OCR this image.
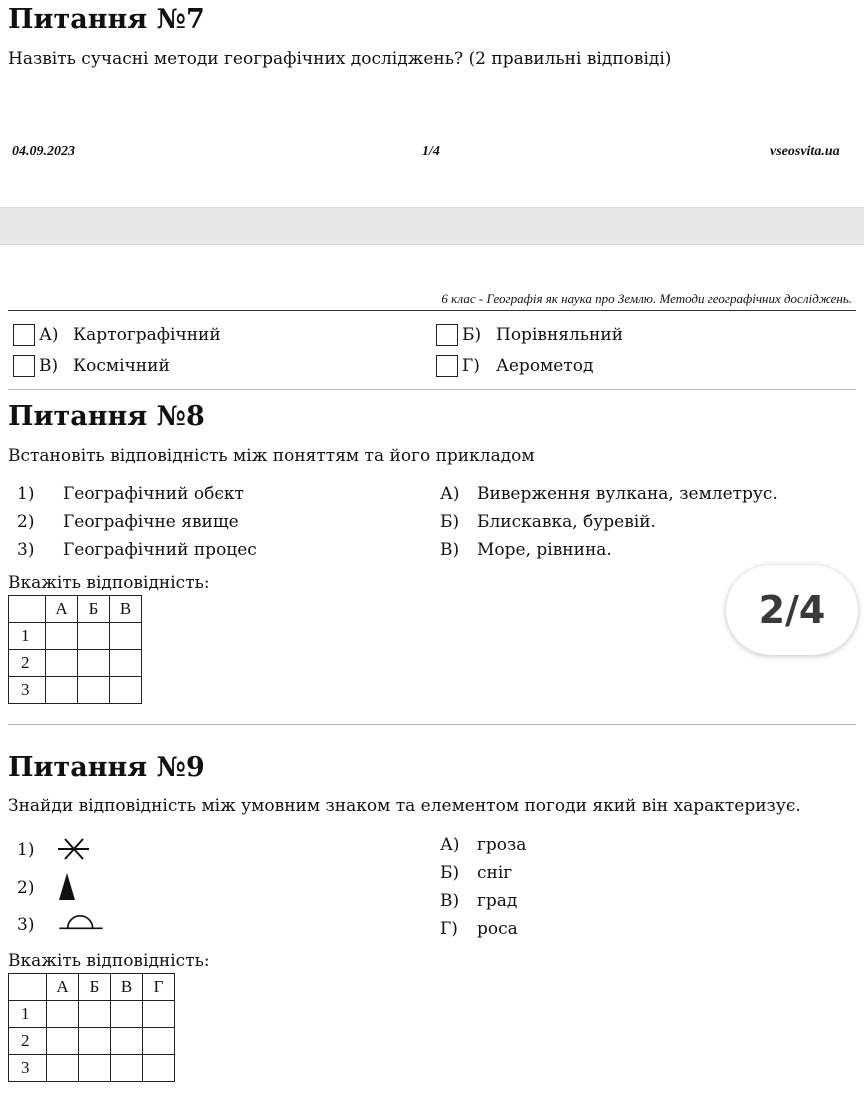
Питання №7
Назвіть сучасні методи географічних досліджень? (2 правильні відповіді)
04.09.2023	1/4	vseosvita.ua
6 клас - Географія як наука про Землю. Методи географічних досліджень.
А) Картографічний	Б) Порівняльний
В) Космічний	Г) Аерометод
Питання №8
Встановіть відповідність між поняттям та його прикладом
1)	Географічний обєкт
2)	Географічне явище
3)	Географічний процес
А)	Виверження вулкана, землетрус.
Б)	Блискавка, буревій.
В)	Море, рівнина.
Вкажіть відповідність:
	А	Б	В
1			
2			
3			
2/4
Питання №9
Знайди відповідність між умовним знаком та елементом погоди який він характеризує.
1)
2)
3)
А)	гроза
Б)	сніг
В)	град
Г)	роса
Вкажіть відповідність:
	А	Б	В	Г
1				
2				
3				
